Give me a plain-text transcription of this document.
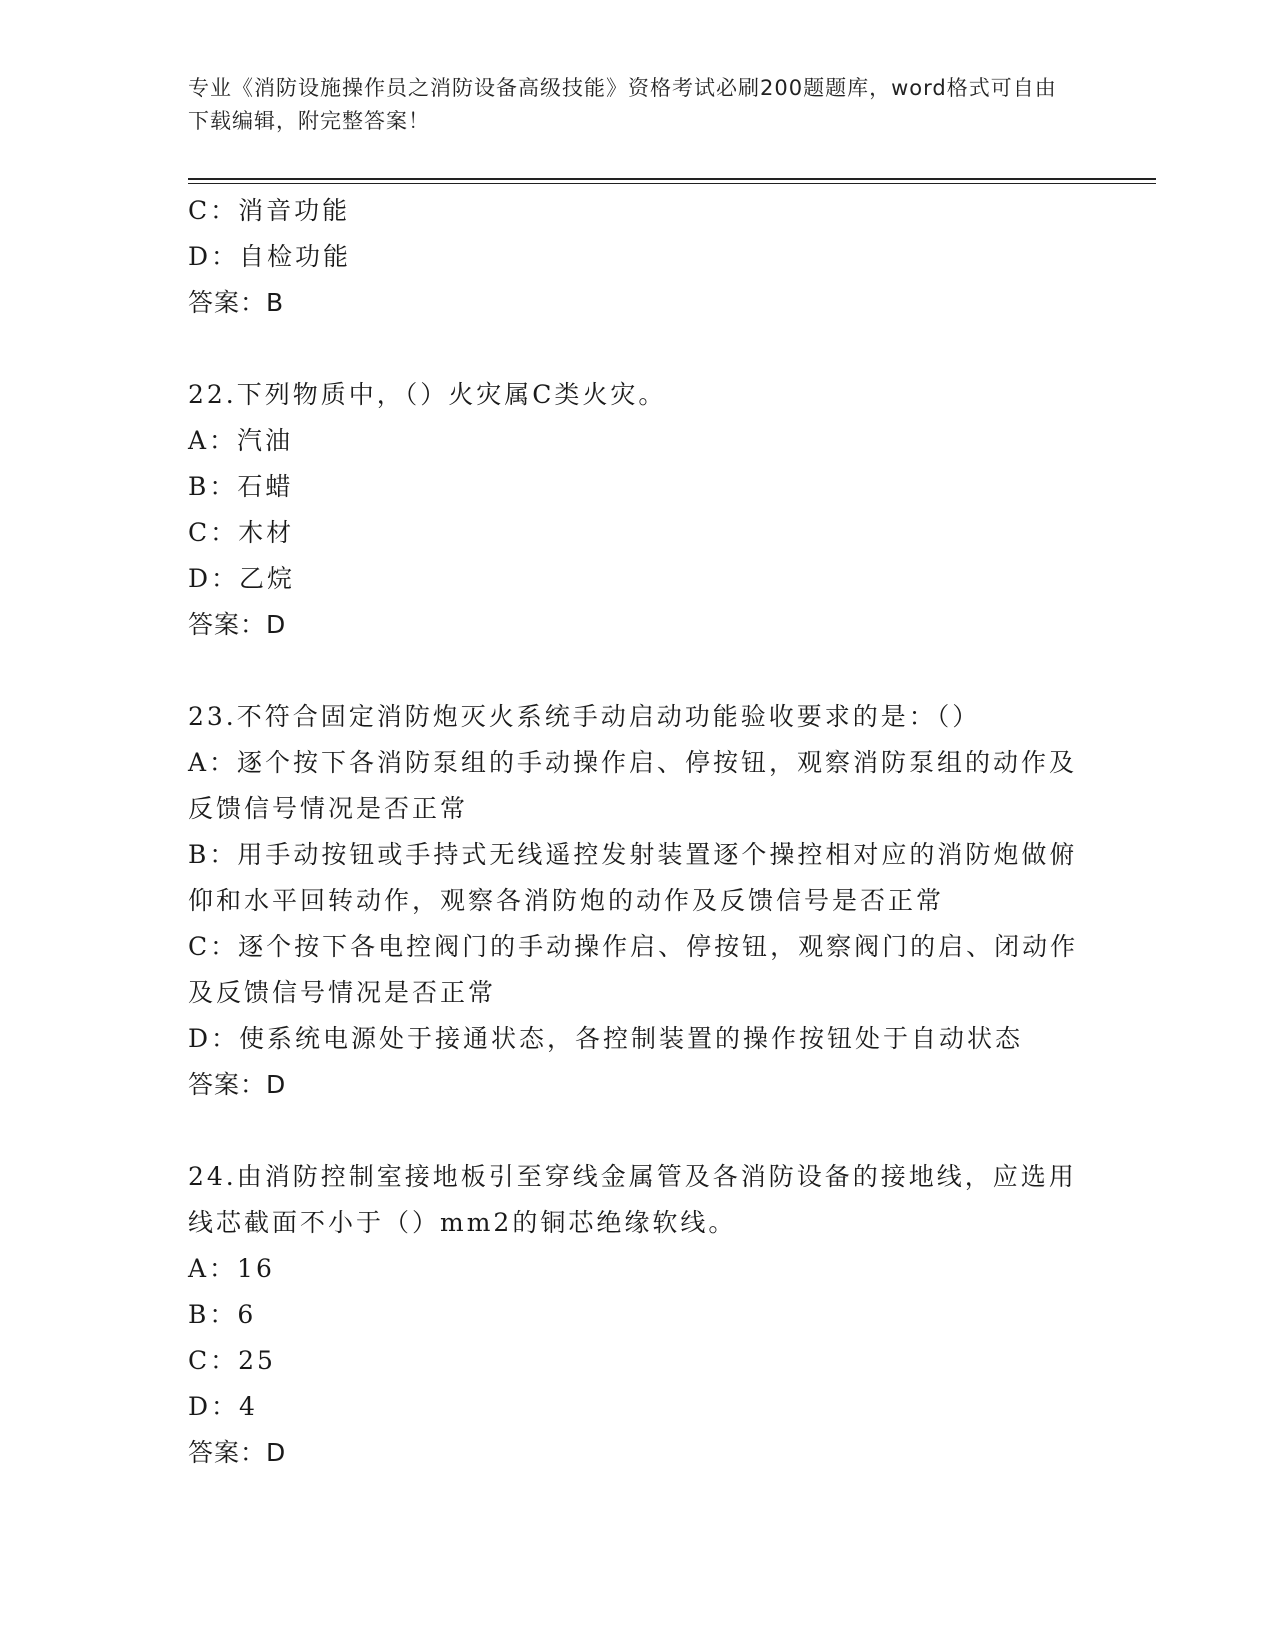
专业《消防设施操作员之消防设备高级技能》资格考试必刷200题题库，word格式可自由下载编辑，附完整答案！
C：消音功能
D：自检功能
答案：B
22.下列物质中，（）火灾属C类火灾。
A：汽油
B：石蜡
C：木材
D：乙烷
答案：D
23.不符合固定消防炮灭火系统手动启动功能验收要求的是：（）
A：逐个按下各消防泵组的手动操作启、停按钮，观察消防泵组的动作及反馈信号情况是否正常
B：用手动按钮或手持式无线遥控发射装置逐个操控相对应的消防炮做俯仰和水平回转动作，观察各消防炮的动作及反馈信号是否正常
C：逐个按下各电控阀门的手动操作启、停按钮，观察阀门的启、闭动作及反馈信号情况是否正常
D：使系统电源处于接通状态，各控制装置的操作按钮处于自动状态
答案：D
24.由消防控制室接地板引至穿线金属管及各消防设备的接地线，应选用线芯截面不小于（）mm2的铜芯绝缘软线。
A：16
B：6
C：25
D：4
答案：D
